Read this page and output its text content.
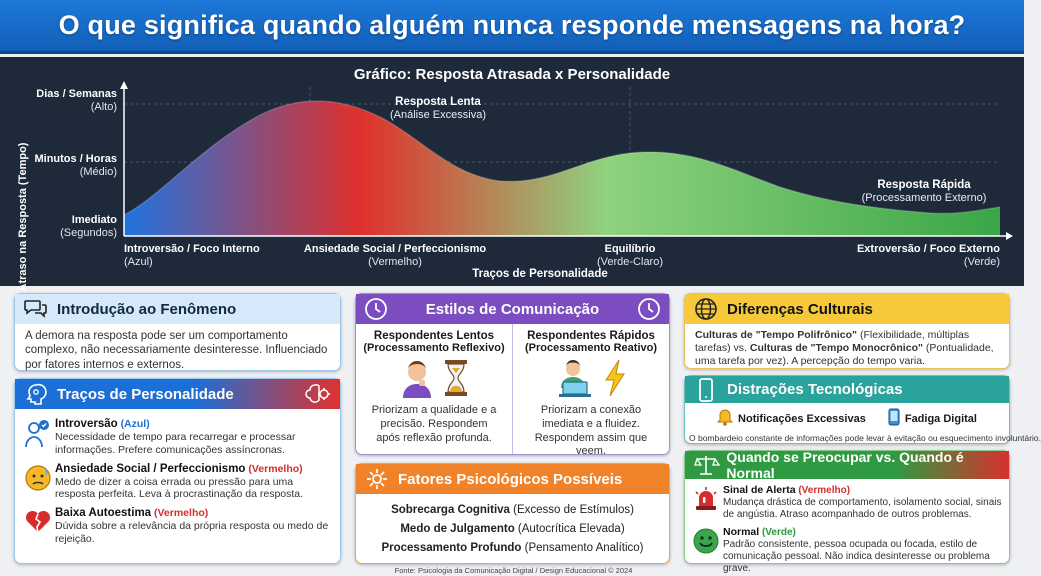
O que significa quando alguém nunca responde mensagens na hora?
Gráfico: Resposta Atrasada x Personalidade
Atraso na Resposta (Tempo)
Dias / Semanas
(Alto)
Minutos / Horas
(Médio)
Imediato
(Segundos)
Introversão / Foco Interno
(Azul)
Ansiedade Social / Perfeccionismo
(Vermelho)
Equilíbrio
(Verde-Claro)
Extroversão / Foco Externo
(Verde)
Resposta Lenta
(Análise Excessiva)
Resposta Rápida
(Processamento Externo)
Traços de Personalidade
Introdução ao Fenômeno
A demora na resposta pode ser um comportamento complexo, não necessariamente desinteresse. Influenciado por fatores internos e externos.
Traços de Personalidade
Introversão (Azul)
Necessidade de tempo para recarregar e processar informações. Prefere comunicações assíncronas.
Ansiedade Social / Perfeccionismo (Vermelho)
Medo de dizer a coisa errada ou pressão para uma resposta perfeita. Leva à procrastinação da resposta.
Baixa Autoestima (Vermelho)
Dúvida sobre a relevância da própria resposta ou medo de rejeição.
Estilos de Comunicação
Respondentes Lentos
(Processamento Reflexivo)
Priorizam a qualidade e a precisão. Respondem após reflexão profunda.
Respondentes Rápidos
(Processamento Reativo)
Priorizam a conexão imediata e a fluidez. Respondem assim que veem.
Fatores Psicológicos Possíveis
Sobrecarga Cognitiva (Excesso de Estímulos)
Medo de Julgamento (Autocrítica Elevada)
Processamento Profundo (Pensamento Analítico)
Diferenças Culturais
Culturas de "Tempo Polifrônico" (Flexibilidade, múltiplas tarefas) vs. Culturas de "Tempo Monocrônico" (Pontualidade, uma tarefa por vez). A percepção do tempo varia.
Distrações Tecnológicas
Notificações Excessivas	Fadiga Digital
O bombardeio constante de informações pode levar à evitação ou esquecimento involuntário.
Quando se Preocupar vs. Quando é Normal
Sinal de Alerta (Vermelho)
Mudança drástica de comportamento, isolamento social, sinais de angústia. Atraso acompanhado de outros problemas.
Normal (Verde)
Padrão consistente, pessoa ocupada ou focada, estilo de comunicação pessoal. Não indica desinteresse ou problema grave.
Fonte: Psicologia da Comunicação Digital / Design Educacional © 2024
